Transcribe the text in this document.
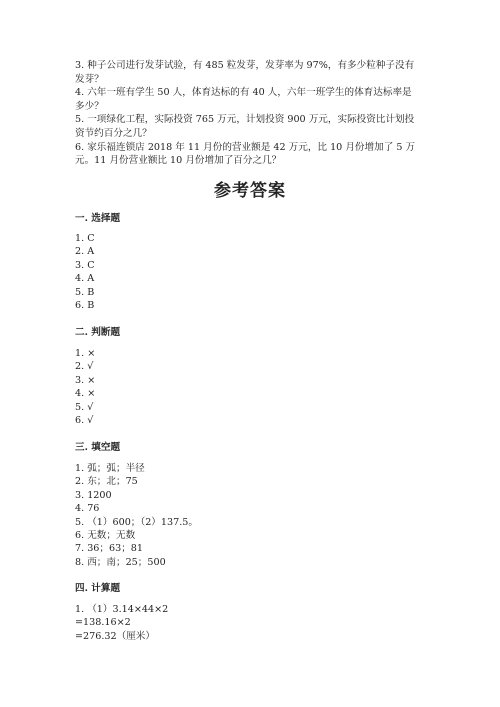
3. 种子公司进行发芽试验，有 485 粒发芽，发芽率为 97%，有多少粒种子没有

发芽？

4. 六年一班有学生 50 人，体育达标的有 40 人，六年一班学生的体育达标率是

多少？

5. 一项绿化工程，实际投资 765 万元，计划投资 900 万元，实际投资比计划投

资节约百分之几？

6. 家乐福连锁店 2018 年 11 月份的营业额是 42 万元，比 10 月份增加了 5 万

元。11 月份营业额比 10 月份增加了百分之几？

参考答案
一. 选择题
1. C
2. A
3. C
4. A
5. B
6. B
二. 判断题
1. ×
2. √
3. ×
4. ×
5. √
6. √
三. 填空题
1. 弧；弧；半径
2. 东；北；75
3. 1200
4. 76
5. （1）600；（2）137.5。
6. 无数；无数
7. 36；63；81
8. 西；南；25；500
四. 计算题
1. （1）3.14×44×2
=138.16×2
=276.32（厘米）
